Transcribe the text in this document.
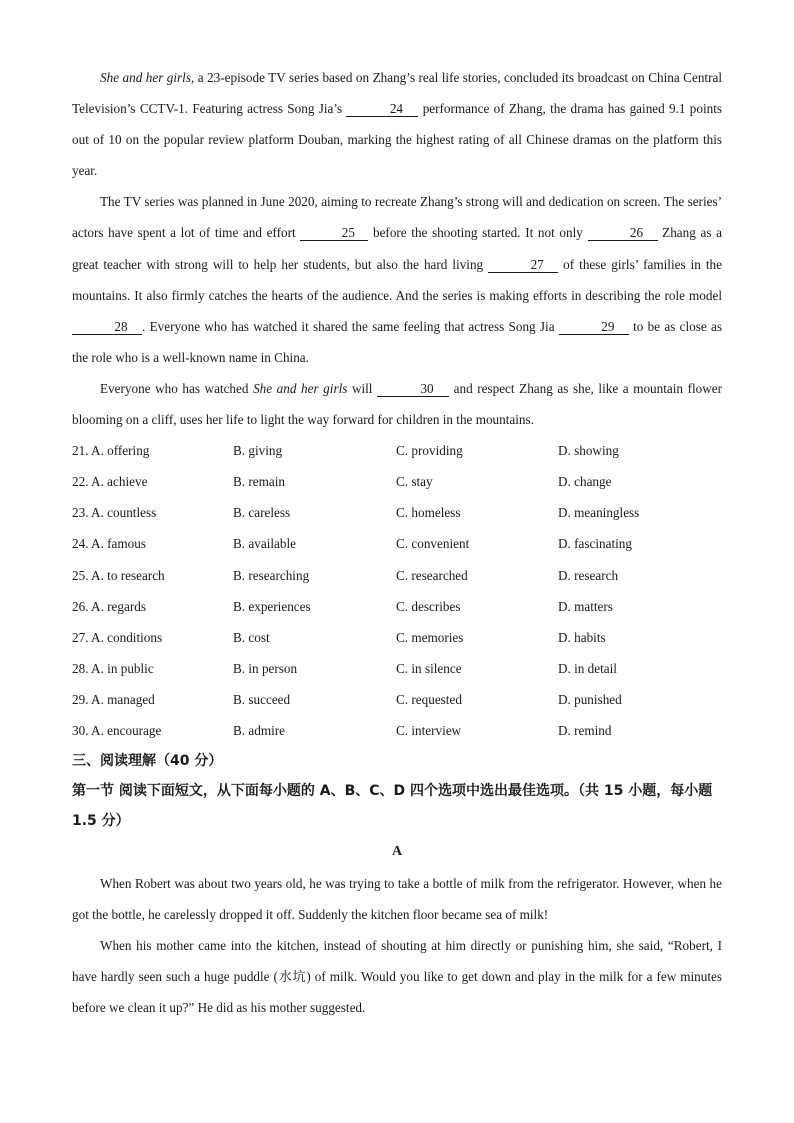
She and her girls, a 23-episode TV series based on Zhang’s real life stories, concluded its broadcast on China Central Television’s CCTV-1. Featuring actress Song Jia’s	24 performance of Zhang, the drama has gained 9.1 points out of 10 on the popular review platform Douban, marking the highest rating of all Chinese dramas on the platform this year.

The TV series was planned in June 2020, aiming to recreate Zhang’s strong will and dedication on screen. The series’ actors have spent a lot of time and effort	25 before the shooting started. It not only	26 Zhang as a great teacher with strong will to help her students, but also the hard living	27 of these girls’ families in the mountains. It also firmly catches the hearts of the audience. And the series is making efforts in describing the role model 28 . Everyone who has watched it shared the same feeling that actress Song Jia	29 to be as close as the role who is a well-known name in China.

Everyone who has watched She and her girls will	30 and respect Zhang as she, like a mountain flower blooming on a cliff, uses her life to light the way forward for children in the mountains.

21. A. offering	B. giving	C. providing	D. showing
22. A. achieve	B. remain	C. stay	D. change
23. A. countless	B. careless	C. homeless	D. meaningless
24. A. famous	B. available	C. convenient	D. fascinating
25. A. to research	B. researching	C. researched	D. research
26. A. regards	B. experiences	C. describes	D. matters
27. A. conditions	B. cost	C. memories	D. habits
28. A. in public	B. in person	C. in silence	D. in detail
29. A. managed	B. succeed	C. requested	D. punished
30. A. encourage	B. admire	C. interview	D. remind

三、阅读理解（40 分）

第一节 阅读下面短文，从下面每小题的 A、B、C、D 四个选项中选出最佳选项。（共 15 小题，每小题 1.5 分）

A

When Robert was about two years old, he was trying to take a bottle of milk from the refrigerator. However, when he got the bottle, he carelessly dropped it off. Suddenly the kitchen floor became sea of milk!

When his mother came into the kitchen, instead of shouting at him directly or punishing him, she said, “Robert, I have hardly seen such a huge puddle (水坑) of milk. Would you like to get down and play in the milk for a few minutes before we clean it up?” He did as his mother suggested.
